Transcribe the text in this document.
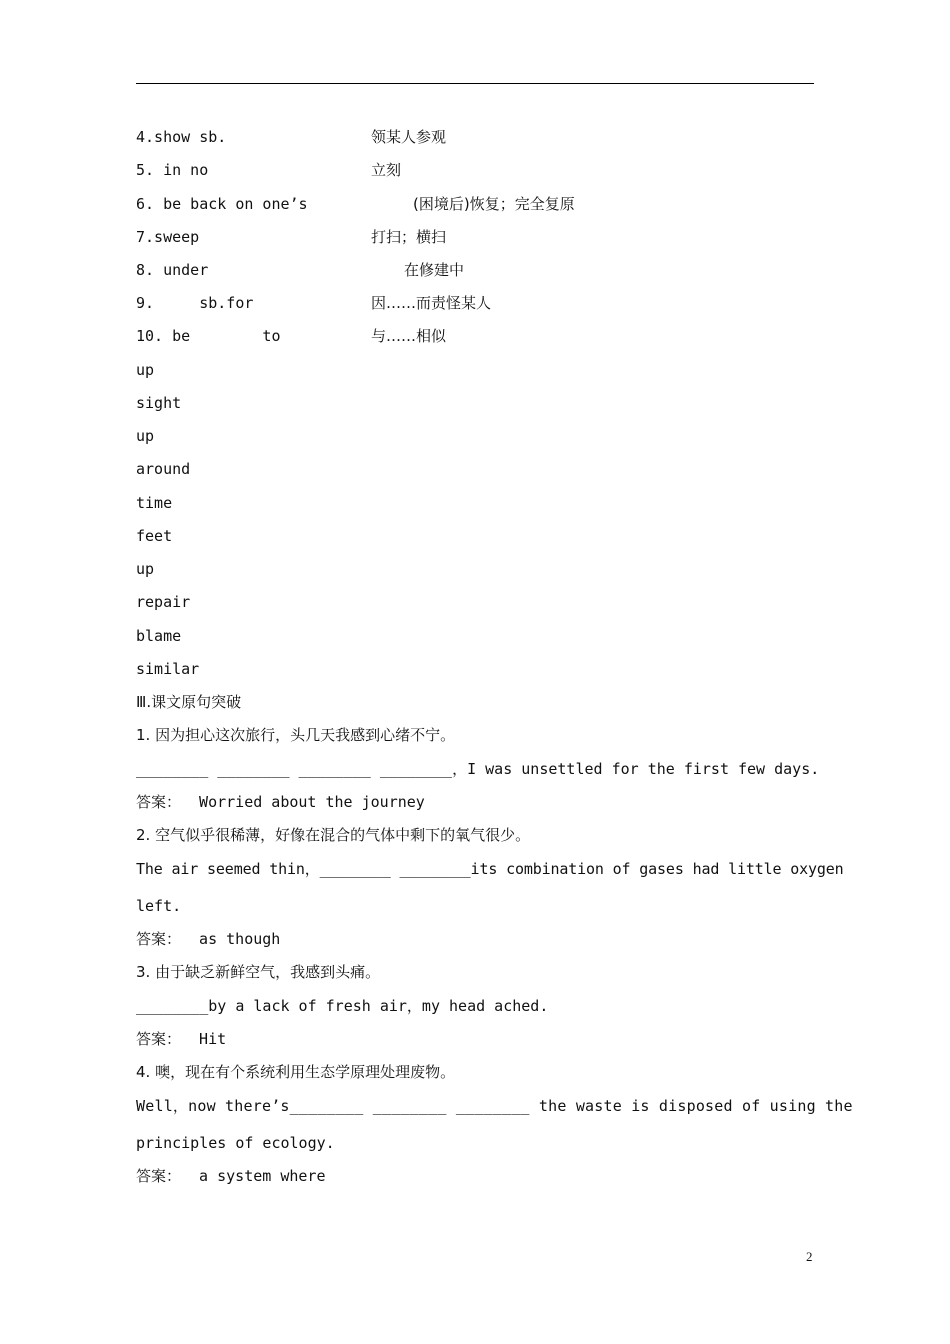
4.show sb.	领某人参观
5. in no	立刻
6. be back on one’s	(困境后)恢复；完全复原
7.sweep	打扫；横扫
8. under	在修建中
9.     sb.for	因……而责怪某人
10. be        to	与……相似
up
sight
up
around
time
feet
up
repair
blame
similar
Ⅲ.课文原句突破
1. 因为担心这次旅行，头几天我感到心绪不宁。
________ ________ ________ ________，I was unsettled for the first few days.
答案：  Worried about the journey
2. 空气似乎很稀薄，好像在混合的气体中剩下的氧气很少。
The air seemed thin，________ ________its combination of gases had little oxygen
left.
答案：  as though
3. 由于缺乏新鲜空气，我感到头痛。
________by a lack of fresh air，my head ached.
答案：  Hit
4. 噢，现在有个系统利用生态学原理处理废物。
Well，now there’s________ ________ ________ the waste is disposed of using the
principles of ecology.
答案：  a system where
2
